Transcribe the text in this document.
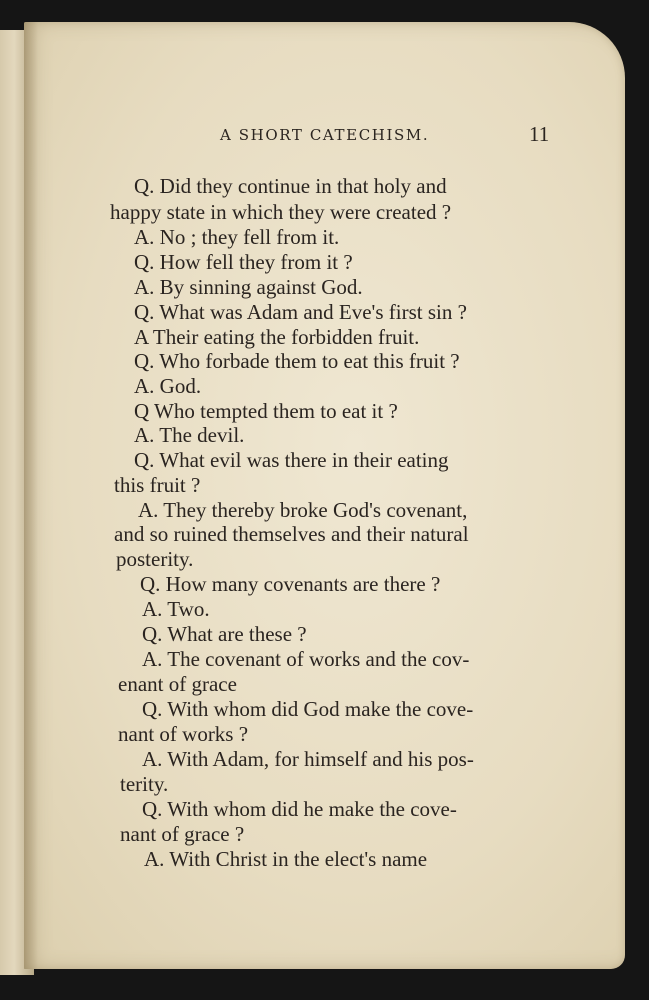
A SHORT CATECHISM.	11
Q. Did they continue in that holy and
happy state in which they were created ?
A. No ; they fell from it.
Q. How fell they from it ?
A. By sinning against God.
Q. What was Adam and Eve's first sin ?
A Their eating the forbidden fruit.
Q. Who forbade them to eat this fruit ?
A. God.
Q Who tempted them to eat it ?
A. The devil.
Q. What evil was there in their eating
this fruit ?
A. They thereby broke God's covenant,
and so ruined themselves and their natural
posterity.
Q. How many covenants are there ?
A. Two.
Q. What are these ?
A. The covenant of works and the cov-
enant of grace
Q. With whom did God make the cove-
nant of works ?
A. With Adam, for himself and his pos-
terity.
Q. With whom did he make the cove-
nant of grace ?
A. With Christ in the elect's name
